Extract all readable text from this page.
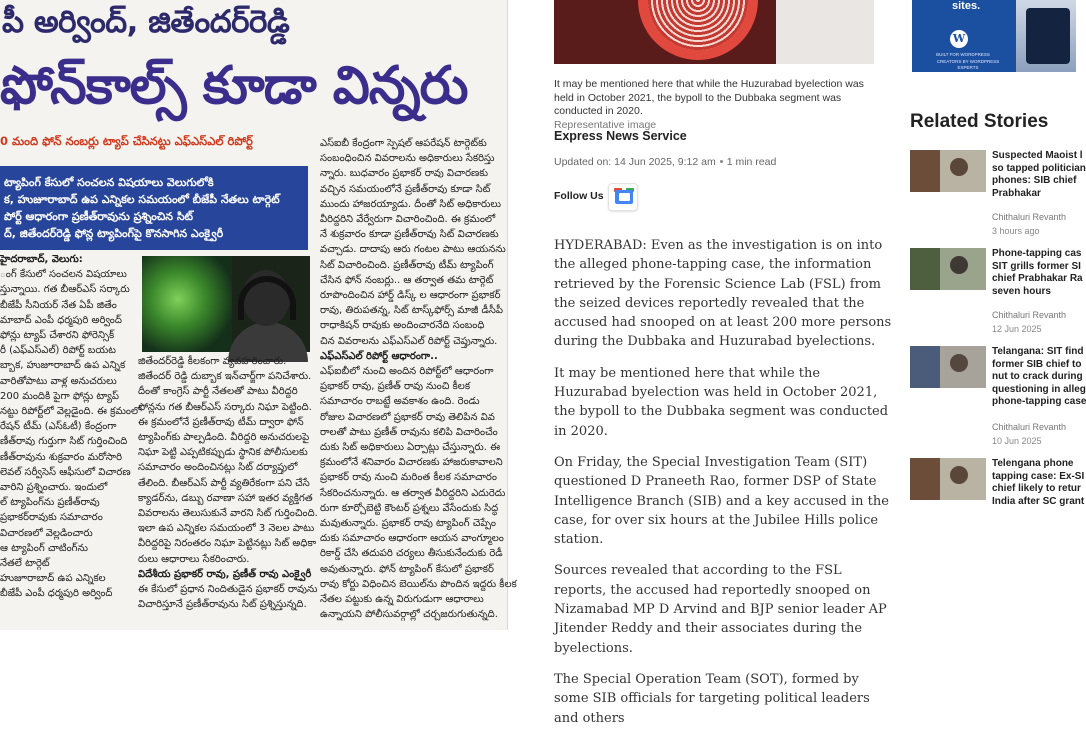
పీ అర్వింద్, జితేందర్‌రెడ్డి
ఫోన్‌కాల్స్ కూడా విన్నరు
0 మంది ఫోన్ నంబర్లు ట్యాప్ చేసినట్టు ఎఫ్‌ఎస్‌ఎల్ రిపోర్ట్
ట్యాపింగ్ కేసులో సంచలన విషయాలు వెలుగులోకి
క, హుజూరాబాద్ ఉప ఎన్నికల సమయంలో బీజేపీ నేతలు టార్గెట్
పోర్ట్ ఆధారంగా ప్రణీత్‌రావును ప్రశ్నించిన సిట్
ద్, జితేందర్‌రెడ్డి ఫోన్ల ట్యాపింగ్‌పై కొనసాగిన ఎంక్వైరీ
హైదరాబాద్, వెలుగు:
ంగ్ కేసులో సంచలన విషయాలు
స్తున్నాయి. గత బీఆర్ఎస్ సర్కారు
బీజేపీ సీనియర్ నేత ఏపీ జితేం
మాబాద్ ఎంపీ ధర్మపురి అర్వింద్
ఫోన్లు ట్యాప్ చేశారని ఫోరెన్సిక్
రీ (ఎఫ్ఎస్ఎల్) రిపోర్ట్ బయట
బ్బాక, హుజూరాబాద్ ఉప ఎన్నిక
వారితోపాటు వాళ్ల అనుచరులు
200 మందికి పైగా ఫోన్లు ట్యాప్
నట్టు రిపోర్ట్‌లో వెల్లడైంది. ఈ క్రమంలో
రేషన్ టీమ్ (ఎస్ఓటీ) కేంద్రంగా
ణీత్‌రావు గుర్తుగా సిట్ గుర్తించింది
ణీత్‌రావును శుక్రవారం మరోసారి
లెవల్ సర్వీసెస్ ఆఫీసులో విచారణ
వారిని ప్రశ్నించారు. ఇందులో
ల్ ట్యాపింగ్‌ను ప్రణీత్‌రావు
ప్రభాకర్‌రావుకు సమాచారం
విచారణలో వెల్లడించారు
ఆ ట్యాపింగ్ చాటింగ్‌ను
నేతలే టార్గెట్
హుజూరాబాద్ ఉప ఎన్నికల
బీజేపీ ఎంపీ ధర్మపురి అర్వింద్
జితేందర్‌రెడ్డి కీలకంగా వ్యవహరించారు.
జితేందర్ రెడ్డి దుబ్బాక ఇన్‌చార్జ్‌గా పనిచేశారు.
దీంతో కాంగ్రెస్ పార్టీ నేతలతో పాటు వీరిద్దరి
ఫోన్లను గత బీఆర్ఎస్ సర్కారు నిఘా పెట్టింది.
ఈ క్రమంలోనే ప్రణీత్‌రావు టీమ్ ద్వారా ఫోన్
ట్యాపింగ్‌కు పాల్పడింది. వీరిద్దరి అనుచరులపై
నిఘా పెట్టి ఎప్పటికప్పుడు స్థానిక పోలీసులకు
సమాచారం అందించినట్లు సిట్ దర్యాప్తులో
తేలింది. బీఆర్ఎస్ పార్టీ వ్యతిరేకంగా పని చేసే
క్యాడర్‌ను, డబ్బు రవాణా సహా ఇతర వ్యక్తిగత
వివరాలను తెలుసుకునే వారని సిట్ గుర్తించింది.
ఇలా ఉప ఎన్నికల సమయంలో 3 నెలల పాటు
వీరిద్దరిపై నిరంతరం నిఘా పెట్టినట్లు సిట్ అధికా
రులు ఆధారాలు సేకరించారు.
విదేశీయ ప్రభాకర్ రావు, ప్రణీత్ రావు ఎంక్వైరీ
ఈ కేసులో ప్రధాన నిందితుడైన ప్రభాకర్ రావును
విచారిస్తూనే ప్రణీత్‌రావును సిట్ ప్రశ్నిస్తున్నది.
ఎస్ఐబీ కేంద్రంగా స్పెషల్ ఆపరేషన్ టార్గెట్‌కు
సంబంధించిన వివరాలను అధికారులు సేకరిస్తు
న్నారు. బుధవారం ప్రభాకర్ రావు విచారణకు
వచ్చిన సమయంలోనే ప్రణీత్‌రావు కూడా సిట్
ముందు హాజరయ్యాడు. దీంతో సిట్ అధికారులు
వీరిద్దరిని వేర్వేరుగా విచారించింది. ఈ క్రమంలో
నే శుక్రవారం కూడా ప్రణీత్‌రావు సిట్ విచారణకు
వచ్చాడు. దాదాపు ఆరు గంటల పాటు ఆయనను
సిట్ విచారించింది. ప్రణీత్‌రావు టీమ్ ట్యాపింగ్
చేసిన ఫోన్ నంబర్లు.. ఆ తర్వాత తమ టార్గెట్
రూపొందించిన హార్డ్ డిస్క్ ల ఆధారంగా ప్రభాకర్
రావు, తిరుపతన్న, సిట్ టాస్క్‌ఫోర్స్ మాజీ డీసీపీ
రాధాకిషన్ రావుకు అందించారనేది సంబంధి
చిన వివరాలను ఎఫ్‌ఎస్ఎల్ రిపోర్ట్ చెప్తున్నారు.
ఎఫ్‌ఎస్ఎల్ రిపోర్ట్ ఆధారంగా..
ఎఫ్ఐబీలో నుంచి అందిన రిపోర్ట్‌లో ఆధారంగా
ప్రభాకర్ రావు, ప్రణీత్ రావు నుంచి కీలక
సమాచారం రాబట్టే అవకాశం ఉంది. రెండు
రోజుల విచారణలో ప్రభాకర్ రావు తెలిపిన వివ
రాలతో పాటు ప్రణీత్ రావును కలిపి విచారించేం
దుకు సిట్ అధికారులు ఏర్పాట్లు చేస్తున్నారు. ఈ
క్రమంలోనే శనివారం విచారణకు హాజరుకావాలని
ప్రభాకర్ రావు నుంచి మరింత కీలక సమాచారం
సేకరించనున్నారు. ఆ తర్వాత వీరిద్దరిని ఎదురెదు
రుగా కూర్చోబెట్టి కౌంటర్ ప్రశ్నలు వేసేందుకు సిద్ధ
మవుతున్నారు. ప్రభాకర్ రావు ట్యాపింగ్ చెప్పేం
దుకు సమాచారం ఆధారంగా ఆయన వాంగ్మూలం
రికార్డ్ చేసి తదుపరి చర్యలు తీసుకునేందుకు రెడీ
అవుతున్నారు. ఫోన్ ట్యాపింగ్ కేసులో ప్రభాకర్
రావు కోర్టు విధించిన బెయిల్‌ను పొందిన ఇద్దరు కీలక
నేతల పట్టుకు ఉన్న విరుగుడుగా ఆధారాలు
ఉన్నాయని పోలీసువర్గాల్లో చర్చజరుగుతున్నది.
It may be mentioned here that while the Huzurabad byelection was held in October 2021, the bypoll to the Dubbaka segment was conducted in 2020.
Representative image
Express News Service
Updated on: 14 Jun 2025, 9:12 am 1 min read
Follow Us

HYDERABAD: Even as the investigation is on into the alleged phone-tapping case, the information retrieved by the Forensic Science Lab (FSL) from the seized devices reportedly revealed that the accused had snooped on at least 200 more persons during the Dubbaka and Huzurabad byelections.

It may be mentioned here that while the Huzurabad byelection was held in October 2021, the bypoll to the Dubbaka segment was conducted in 2020.

On Friday, the Special Investigation Team (SIT) questioned D Praneeth Rao, former DSP of State Intelligence Branch (SIB) and a key accused in the case, for over six hours at the Jubilee Hills police station.

Sources revealed that according to the FSL reports, the accused had reportedly snooped on Nizamabad MP D Arvind and BJP senior leader AP Jitender Reddy and their associates during the byelections.

The Special Operation Team (SOT), formed by some SIB officials for targeting political leaders and others

sites.
W
BUILT FOR WORDPRESS
CREATORS BY WORDPRESS EXPERTS
Related Stories
Suspected Maoist l
so tapped politician
phones: SIB chief
Prabhakar
Chithaluri Revanth
3 hours ago
Phone-tapping cas
SIT grills former SI
chief Prabhakar Ra
seven hours
Chithaluri Revanth
12 Jun 2025
Telangana: SIT find
former SIB chief to
nut to crack during
questioning in alleg
phone-tapping case
Chithaluri Revanth
10 Jun 2025
Telengana phone
tapping case: Ex-SI
chief likely to retur
India after SC grant
